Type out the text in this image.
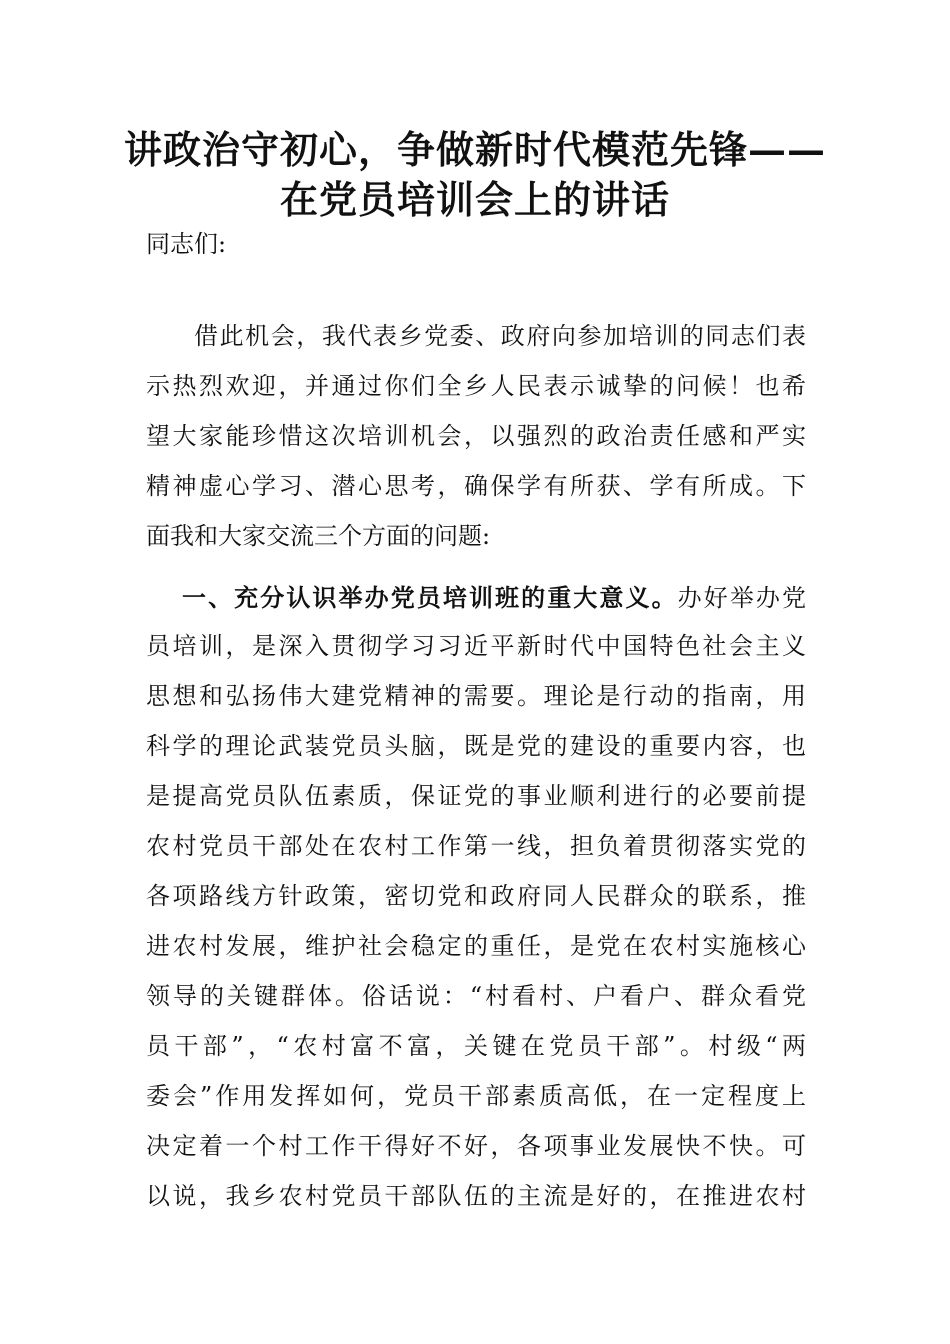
讲政治守初心，争做新时代模范先锋——
在党员培训会上的讲话

同志们:

借此机会，我代表乡党委、政府向参加培训的同志们表

示热烈欢迎，并通过你们全乡人民表示诚挚的问候！也希

望大家能珍惜这次培训机会，以强烈的政治责任感和严实

精神虚心学习、潜心思考，确保学有所获、学有所成。下

面我和大家交流三个方面的问题:

一、充分认识举办党员培训班的重大意义。办好举办党

员培训，是深入贯彻学习习近平新时代中国特色社会主义

思想和弘扬伟大建党精神的需要。理论是行动的指南，用

科学的理论武装党员头脑，既是党的建设的重要内容，也

是提高党员队伍素质，保证党的事业顺利进行的必要前提

农村党员干部处在农村工作第一线，担负着贯彻落实党的

各项路线方针政策，密切党和政府同人民群众的联系，推

进农村发展，维护社会稳定的重任，是党在农村实施核心

领导的关键群体。俗话说：“村看村、户看户、群众看党

员干部”，“农村富不富，关键在党员干部”。村级“两

委会”作用发挥如何，党员干部素质高低，在一定程度上

决定着一个村工作干得好不好，各项事业发展快不快。可

以说，我乡农村党员干部队伍的主流是好的，在推进农村
